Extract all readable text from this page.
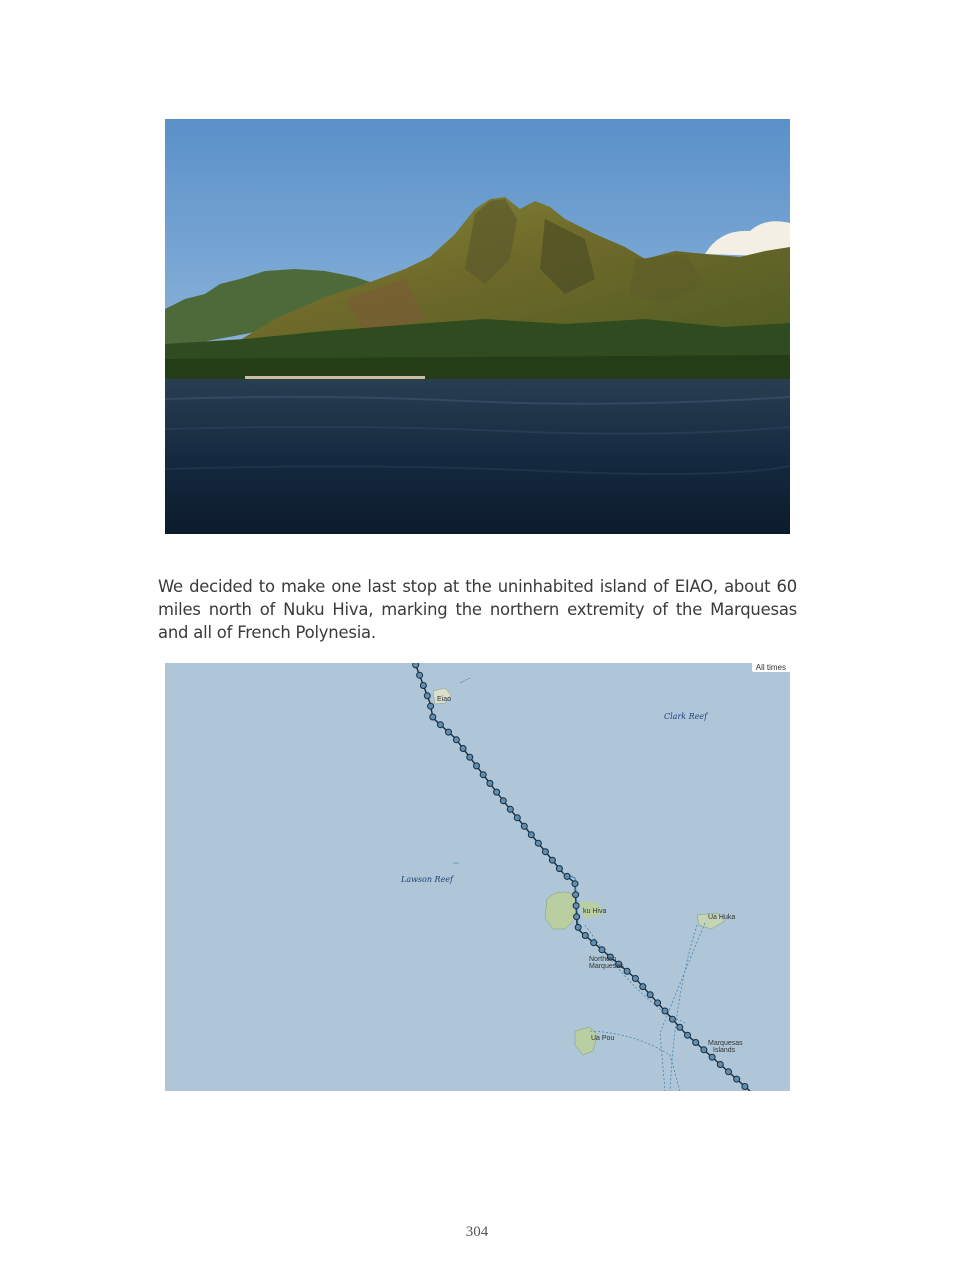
We decided to make one last stop at the uninhabited island of EIAO, about 60 miles north of Nuku Hiva, marking the northern extremity of the Marquesas and all of French Polynesia.

All times
Eiao
Clark Reef
Lawson Reef
ku Hiva
Ua Huka
Northern
Marquesas
Ua Pou
Marquesas
Islands
304
